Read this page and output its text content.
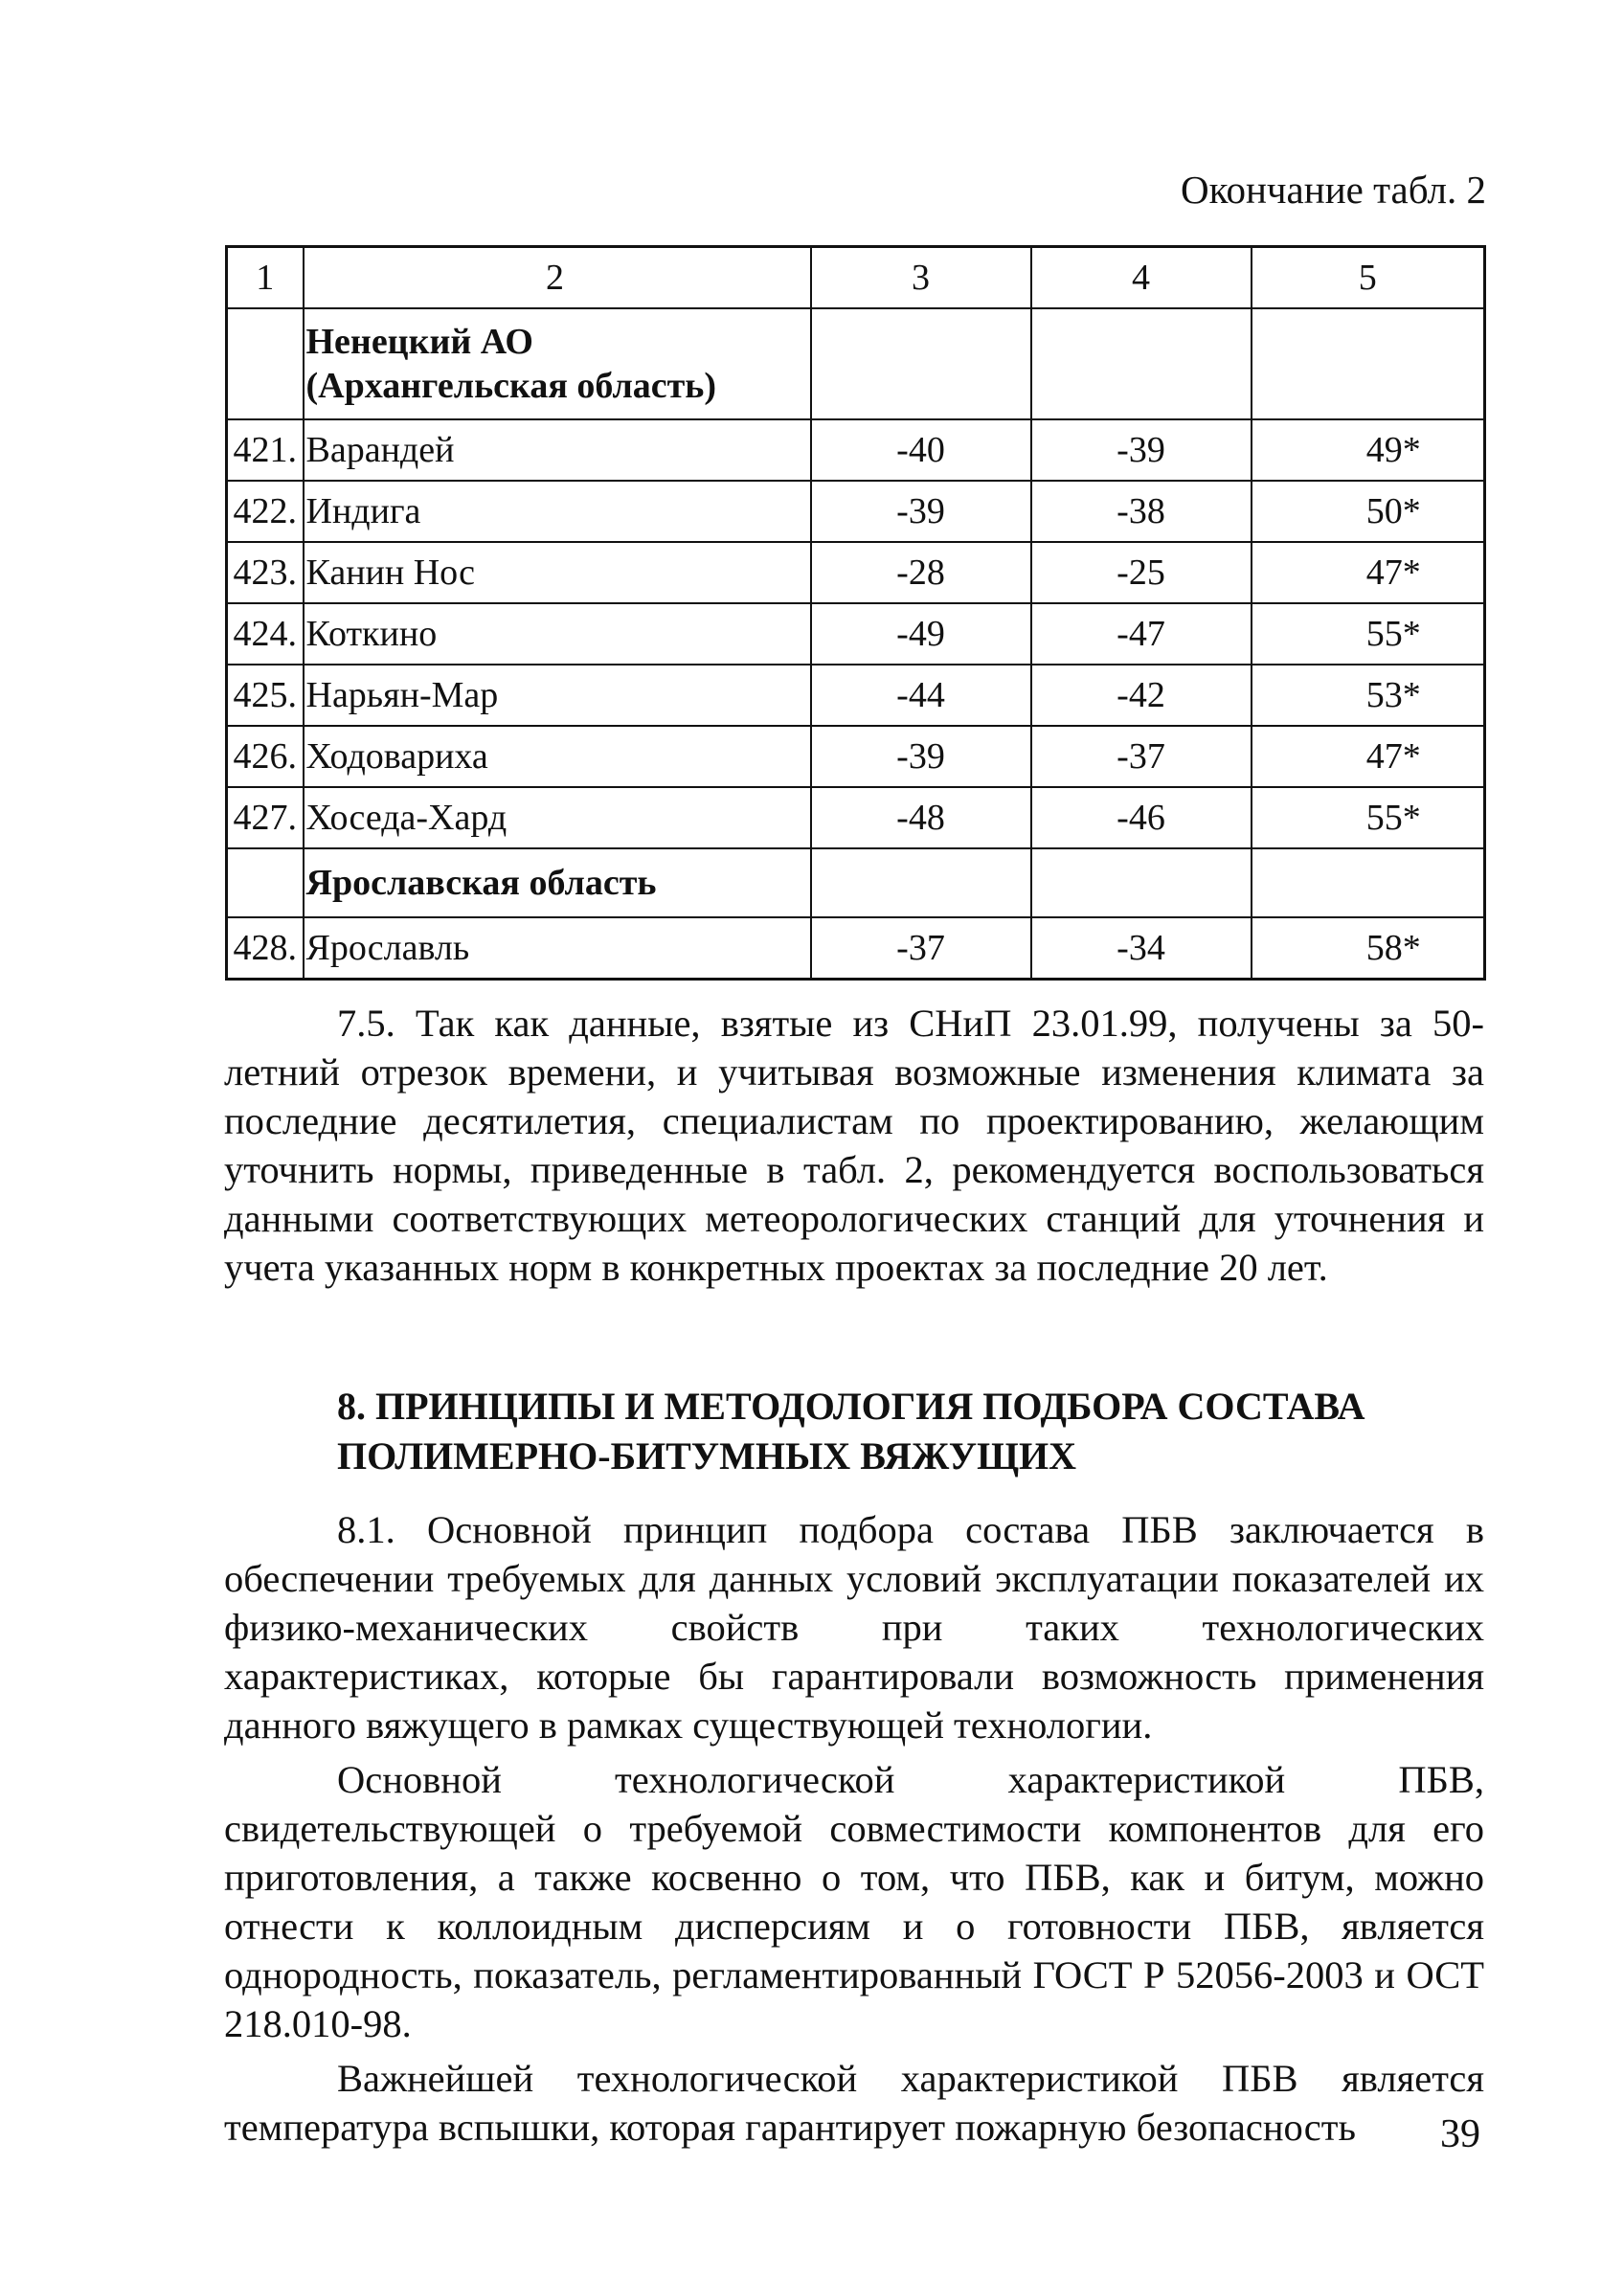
Окончание табл. 2
1	2	3	4	5
	Ненецкий АО (Архангельская область)			
421.	Варандей	-40	-39	49*
422.	Индига	-39	-38	50*
423.	Канин Нос	-28	-25	47*
424.	Коткино	-49	-47	55*
425.	Нарьян-Мар	-44	-42	53*
426.	Ходовариха	-39	-37	47*
427.	Хоседа-Хард	-48	-46	55*
	Ярославская область			
428.	Ярославль	-37	-34	58*

7.5. Так как данные, взятые из СНиП 23.01.99, получены за 50-летний отрезок времени, и учитывая возможные изменения климата за последние десятилетия, специалистам по проектированию, желающим уточнить нормы, приведенные в табл. 2, рекомендуется воспользоваться данными соответствующих метеорологических станций для уточнения и учета указанных норм в конкретных проектах за последние 20 лет.

8. ПРИНЦИПЫ И МЕТОДОЛОГИЯ ПОДБОРА СОСТАВА ПОЛИМЕРНО-БИТУМНЫХ ВЯЖУЩИХ

8.1. Основной принцип подбора состава ПБВ заключается в обеспечении требуемых для данных условий эксплуатации показателей их физико-механических свойств при таких технологических характеристиках, которые бы гарантировали возможность применения данного вяжущего в рамках существующей технологии.

Основной технологической характеристикой ПБВ, свидетельствующей о требуемой совместимости компонентов для его приготовления, а также косвенно о том, что ПБВ, как и битум, можно отнести к коллоидным дисперсиям и о готовности ПБВ, является однородность, показатель, регламентированный ГОСТ Р 52056-2003 и ОСТ 218.010-98.

Важнейшей технологической характеристикой ПБВ является температура вспышки, которая гарантирует пожарную безопасность	39
